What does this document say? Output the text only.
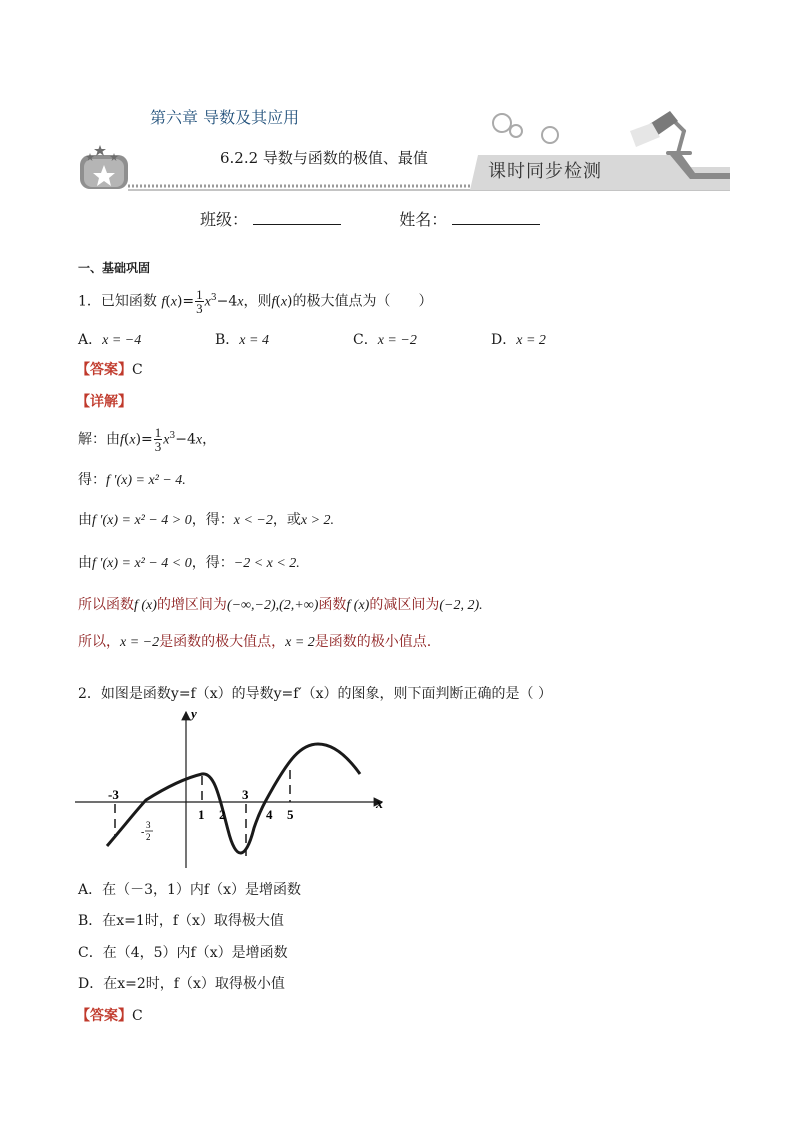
第六章 导数及其应用
6.2.2 导数与函数的极值、最值
课时同步检测
班级：	姓名：
一、基础巩固
1．已知函数 $f(x)= \frac{1}{3} x^3-4x$，则f(x)的极大值点为（　　）
A．x = −4	B．x = 4	C．x = −2	D．x = 2
【答案】C
【详解】
解：由$f(x)= \frac{1}{3} x^3-4x$，
得：f ′(x) = x² − 4.
由f ′(x) = x² − 4 > 0，得：x < −2，或x > 2.
由f ′(x) = x² − 4 < 0，得：−2 < x < 2.
所以函数f (x)的增区间为(−∞,−2),(2,+∞)函数f (x)的减区间为(−2, 2).
所以，x = −2是函数的极大值点，x = 2是函数的极小值点.
2．如图是函数y=f（x）的导数y=f′（x）的图象，则下面判断正确的是（ ）
y
x
-3
1 2
3
4 5
-
3
2
A．在（－3，1）内f（x）是增函数
B．在x=1时，f（x）取得极大值
C．在（4，5）内f（x）是增函数
D．在x=2时，f（x）取得极小值
【答案】C
